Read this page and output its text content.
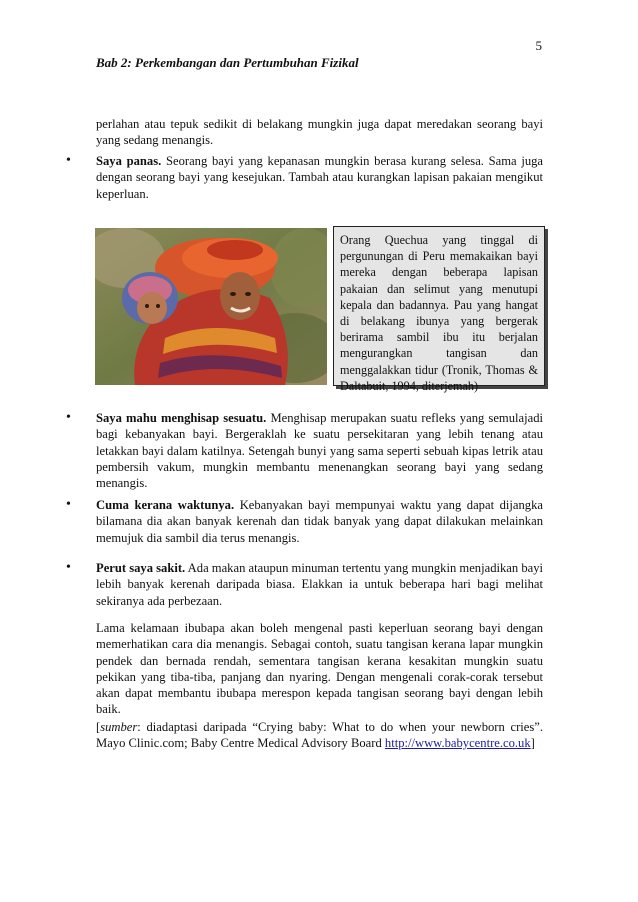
5
Bab 2: Perkembangan dan Pertumbuhan Fizikal

perlahan atau tepuk sedikit di belakang mungkin juga dapat meredakan seorang bayi yang sedang menangis.

• Saya panas. Seorang bayi yang kepanasan mungkin berasa kurang selesa. Sama juga dengan seorang bayi yang kesejukan. Tambah atau kurangkan lapisan pakaian mengikut keperluan.

Orang Quechua yang tinggal di pergunungan di Peru memakaikan bayi mereka dengan beberapa lapisan pakaian dan selimut yang menutupi kepala dan badannya. Pau yang hangat di belakang ibunya yang bergerak berirama sambil ibu itu berjalan mengurangkan tangisan dan menggalakkan tidur (Tronik, Thomas & Daltabuit, 1994, diterjemah)
• Saya mahu menghisap sesuatu. Menghisap merupakan suatu refleks yang semulajadi bagi kebanyakan bayi. Bergeraklah ke suatu persekitaran yang lebih tenang atau letakkan bayi dalam katilnya. Setengah bunyi yang sama seperti sebuah kipas letrik atau pembersih vakum, mungkin membantu menenangkan seorang bayi yang sedang menangis.

• Cuma kerana waktunya. Kebanyakan bayi mempunyai waktu yang dapat dijangka bilamana dia akan banyak kerenah dan tidak banyak yang dapat dilakukan melainkan memujuk dia sambil dia terus menangis.

• Perut saya sakit. Ada makan ataupun minuman tertentu yang mungkin menjadikan bayi lebih banyak kerenah daripada biasa. Elakkan ia untuk beberapa hari bagi melihat sekiranya ada perbezaan.

Lama kelamaan ibubapa akan boleh mengenal pasti keperluan seorang bayi dengan memerhatikan cara dia menangis. Sebagai contoh, suatu tangisan kerana lapar mungkin pendek dan bernada rendah, sementara tangisan kerana kesakitan mungkin suatu pekikan yang tiba-tiba, panjang dan nyaring. Dengan mengenali corak-corak tersebut akan dapat membantu ibubapa merespon kepada tangisan seorang bayi dengan lebih baik.

[sumber: diadaptasi daripada “Crying baby: What to do when your newborn cries”. Mayo Clinic.com; Baby Centre Medical Advisory Board http://www.babycentre.co.uk]
